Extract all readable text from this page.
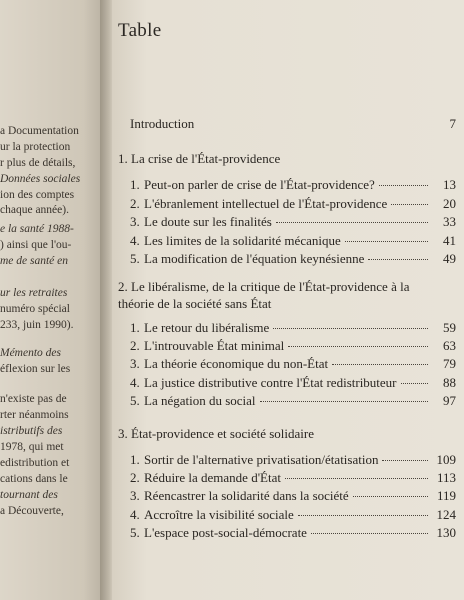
a Documentation
ur la protection
r plus de détails,
Données sociales
ion des comptes
chaque année).
e la santé 1988-
) ainsi que l'ou-
me de santé en
ur les retraites
numéro spécial
233, juin 1990).
Mémento des
éflexion sur les
n'existe pas de
rter néanmoins
istributifs des
1978, qui met
edistribution et
cations dans le
tournant des
a Découverte,
Table
Introduction	7
1. La crise de l'État-providence
1. Peut-on parler de crise de l'État-providence?	13
2. L'ébranlement intellectuel de l'État-providence	20
3. Le doute sur les finalités	33
4. Les limites de la solidarité mécanique	41
5. La modification de l'équation keynésienne	49
2. Le libéralisme, de la critique de l'État-providence à la théorie de la société sans État
1. Le retour du libéralisme	59
2. L'introuvable État minimal	63
3. La théorie économique du non-État	79
4. La justice distributive contre l'État redistributeur	88
5. La négation du social	97
3. État-providence et société solidaire
1. Sortir de l'alternative privatisation/étatisation	109
2. Réduire la demande d'État	113
3. Réencastrer la solidarité dans la société	119
4. Accroître la visibilité sociale	124
5. L'espace post-social-démocrate	130
